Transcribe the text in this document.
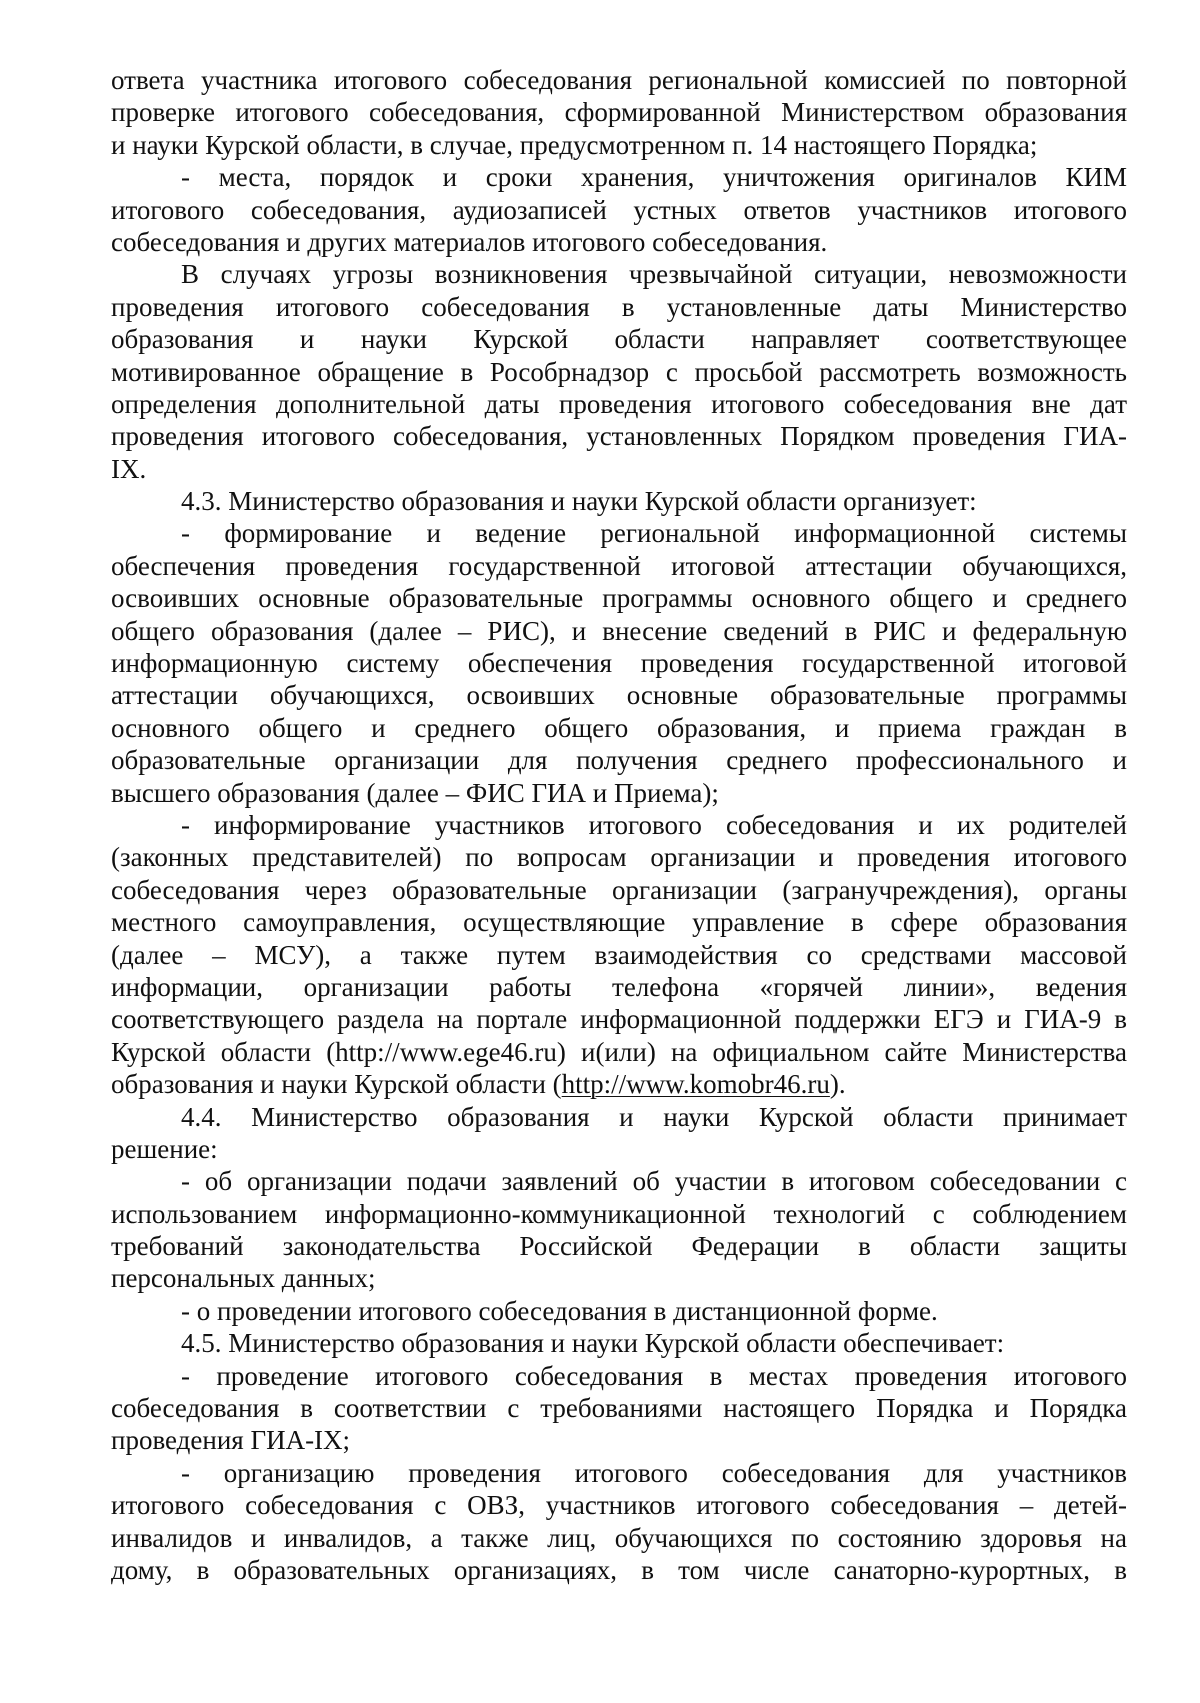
ответа участника итогового собеседования региональной комиссией по повторной
проверке итогового собеседования, сформированной Министерством образования
и науки Курской области, в случае, предусмотренном п. 14 настоящего Порядка;
- места, порядок и сроки хранения, уничтожения оригиналов КИМ
итогового собеседования, аудиозаписей устных ответов участников итогового
собеседования и других материалов итогового собеседования.
В случаях угрозы возникновения чрезвычайной ситуации, невозможности
проведения итогового собеседования в установленные даты Министерство
образования и науки Курской области направляет соответствующее
мотивированное обращение в Рособрнадзор с просьбой рассмотреть возможность
определения дополнительной даты проведения итогового собеседования вне дат
проведения итогового собеседования, установленных Порядком проведения ГИА-
IX.
4.3. Министерство образования и науки Курской области организует:
- формирование и ведение региональной информационной системы
обеспечения проведения государственной итоговой аттестации обучающихся,
освоивших основные образовательные программы основного общего и среднего
общего образования (далее – РИС), и внесение сведений в РИС и федеральную
информационную систему обеспечения проведения государственной итоговой
аттестации обучающихся, освоивших основные образовательные программы
основного общего и среднего общего образования, и приема граждан в
образовательные организации для получения среднего профессионального и
высшего образования (далее – ФИС ГИА и Приема);
- информирование участников итогового собеседования и их родителей
(законных представителей) по вопросам организации и проведения итогового
собеседования через образовательные организации (загранучреждения), органы
местного самоуправления, осуществляющие управление в сфере образования
(далее – МСУ), а также путем взаимодействия со средствами массовой
информации, организации работы телефона «горячей линии», ведения
соответствующего раздела на портале информационной поддержки ЕГЭ и ГИА-9 в
Курской области (http://www.ege46.ru) и(или) на официальном сайте Министерства
образования и науки Курской области (http://www.komobr46.ru).
4.4. Министерство образования и науки Курской области принимает
решение:
- об организации подачи заявлений об участии в итоговом собеседовании с
использованием информационно-коммуникационной технологий с соблюдением
требований законодательства Российской Федерации в области защиты
персональных данных;
- о проведении итогового собеседования в дистанционной форме.
4.5. Министерство образования и науки Курской области обеспечивает:
- проведение итогового собеседования в местах проведения итогового
собеседования в соответствии с требованиями настоящего Порядка и Порядка
проведения ГИА-IX;
- организацию проведения итогового собеседования для участников
итогового собеседования с ОВЗ, участников итогового собеседования – детей-
инвалидов и инвалидов, а также лиц, обучающихся по состоянию здоровья на
дому, в образовательных организациях, в том числе санаторно-курортных, в
